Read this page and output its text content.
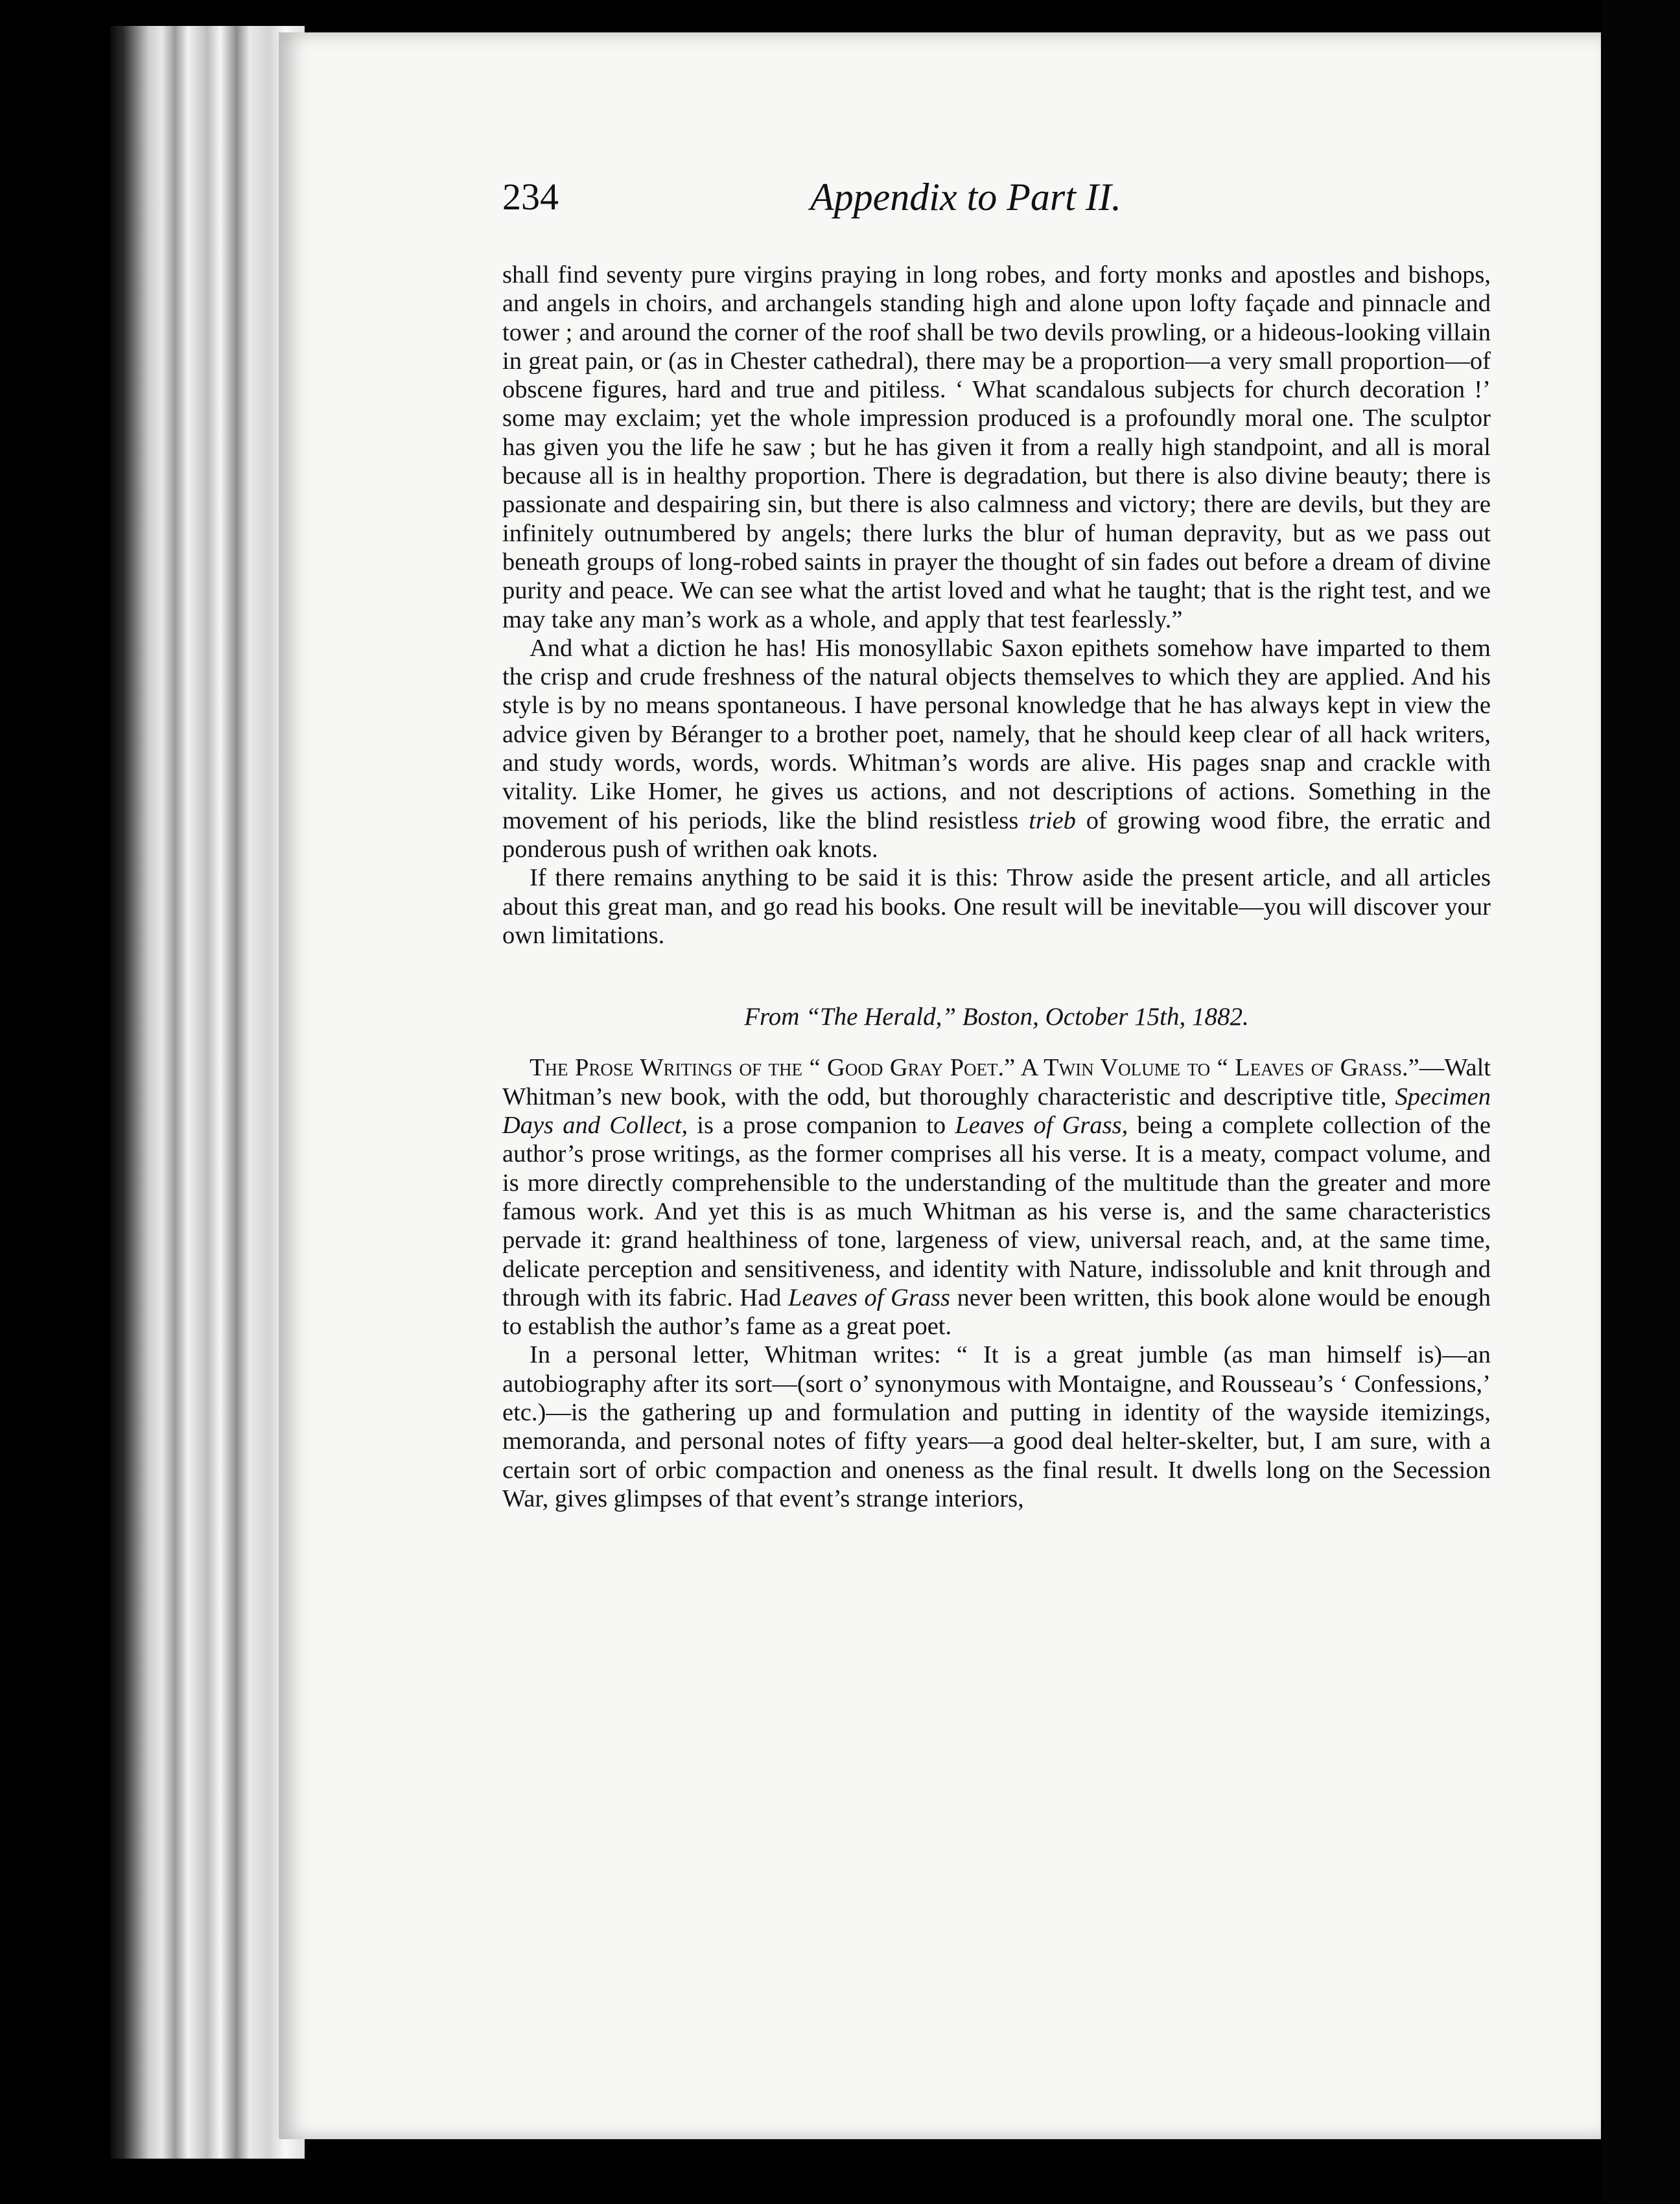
234	Appendix to Part II.

shall find seventy pure virgins praying in long robes, and forty monks and apostles and bishops, and angels in choirs, and archangels standing high and alone upon lofty façade and pinnacle and tower ; and around the corner of the roof shall be two devils prowling, or a hideous-looking villain in great pain, or (as in Chester cathedral), there may be a proportion—a very small proportion—of obscene figures, hard and true and pitiless. ‘ What scandalous subjects for church decoration !’ some may exclaim; yet the whole impression produced is a profoundly moral one. The sculptor has given you the life he saw ; but he has given it from a really high standpoint, and all is moral because all is in healthy proportion. There is degradation, but there is also divine beauty; there is passionate and despairing sin, but there is also calmness and victory; there are devils, but they are infinitely outnumbered by angels; there lurks the blur of human depravity, but as we pass out beneath groups of long-robed saints in prayer the thought of sin fades out before a dream of divine purity and peace. We can see what the artist loved and what he taught; that is the right test, and we may take any man’s work as a whole, and apply that test fearlessly.”

And what a diction he has! His monosyllabic Saxon epithets somehow have imparted to them the crisp and crude freshness of the natural objects themselves to which they are applied. And his style is by no means spontaneous. I have personal knowledge that he has always kept in view the advice given by Béranger to a brother poet, namely, that he should keep clear of all hack writers, and study words, words, words. Whitman’s words are alive. His pages snap and crackle with vitality. Like Homer, he gives us actions, and not descriptions of actions. Something in the movement of his periods, like the blind resistless trieb of growing wood fibre, the erratic and ponderous push of writhen oak knots.

If there remains anything to be said it is this: Throw aside the present article, and all articles about this great man, and go read his books. One result will be inevitable—you will discover your own limitations.

From “The Herald,” Boston, October 15th, 1882.

The Prose Writings of the “ Good Gray Poet.” A Twin Volume to “ Leaves of Grass.”—Walt Whitman’s new book, with the odd, but thoroughly characteristic and descriptive title, Specimen Days and Collect, is a prose companion to Leaves of Grass, being a complete collection of the author’s prose writings, as the former comprises all his verse. It is a meaty, compact volume, and is more directly comprehensible to the understanding of the multitude than the greater and more famous work. And yet this is as much Whitman as his verse is, and the same characteristics pervade it: grand healthiness of tone, largeness of view, universal reach, and, at the same time, delicate perception and sensitiveness, and identity with Nature, indissoluble and knit through and through with its fabric. Had Leaves of Grass never been written, this book alone would be enough to establish the author’s fame as a great poet.

In a personal letter, Whitman writes: “ It is a great jumble (as man himself is)—an autobiography after its sort—(sort o’ synonymous with Montaigne, and Rousseau’s ‘ Confessions,’ etc.)—is the gathering up and formulation and putting in identity of the wayside itemizings, memoranda, and personal notes of fifty years—a good deal helter-skelter, but, I am sure, with a certain sort of orbic compaction and oneness as the final result. It dwells long on the Secession War, gives glimpses of that event’s strange interiors,
